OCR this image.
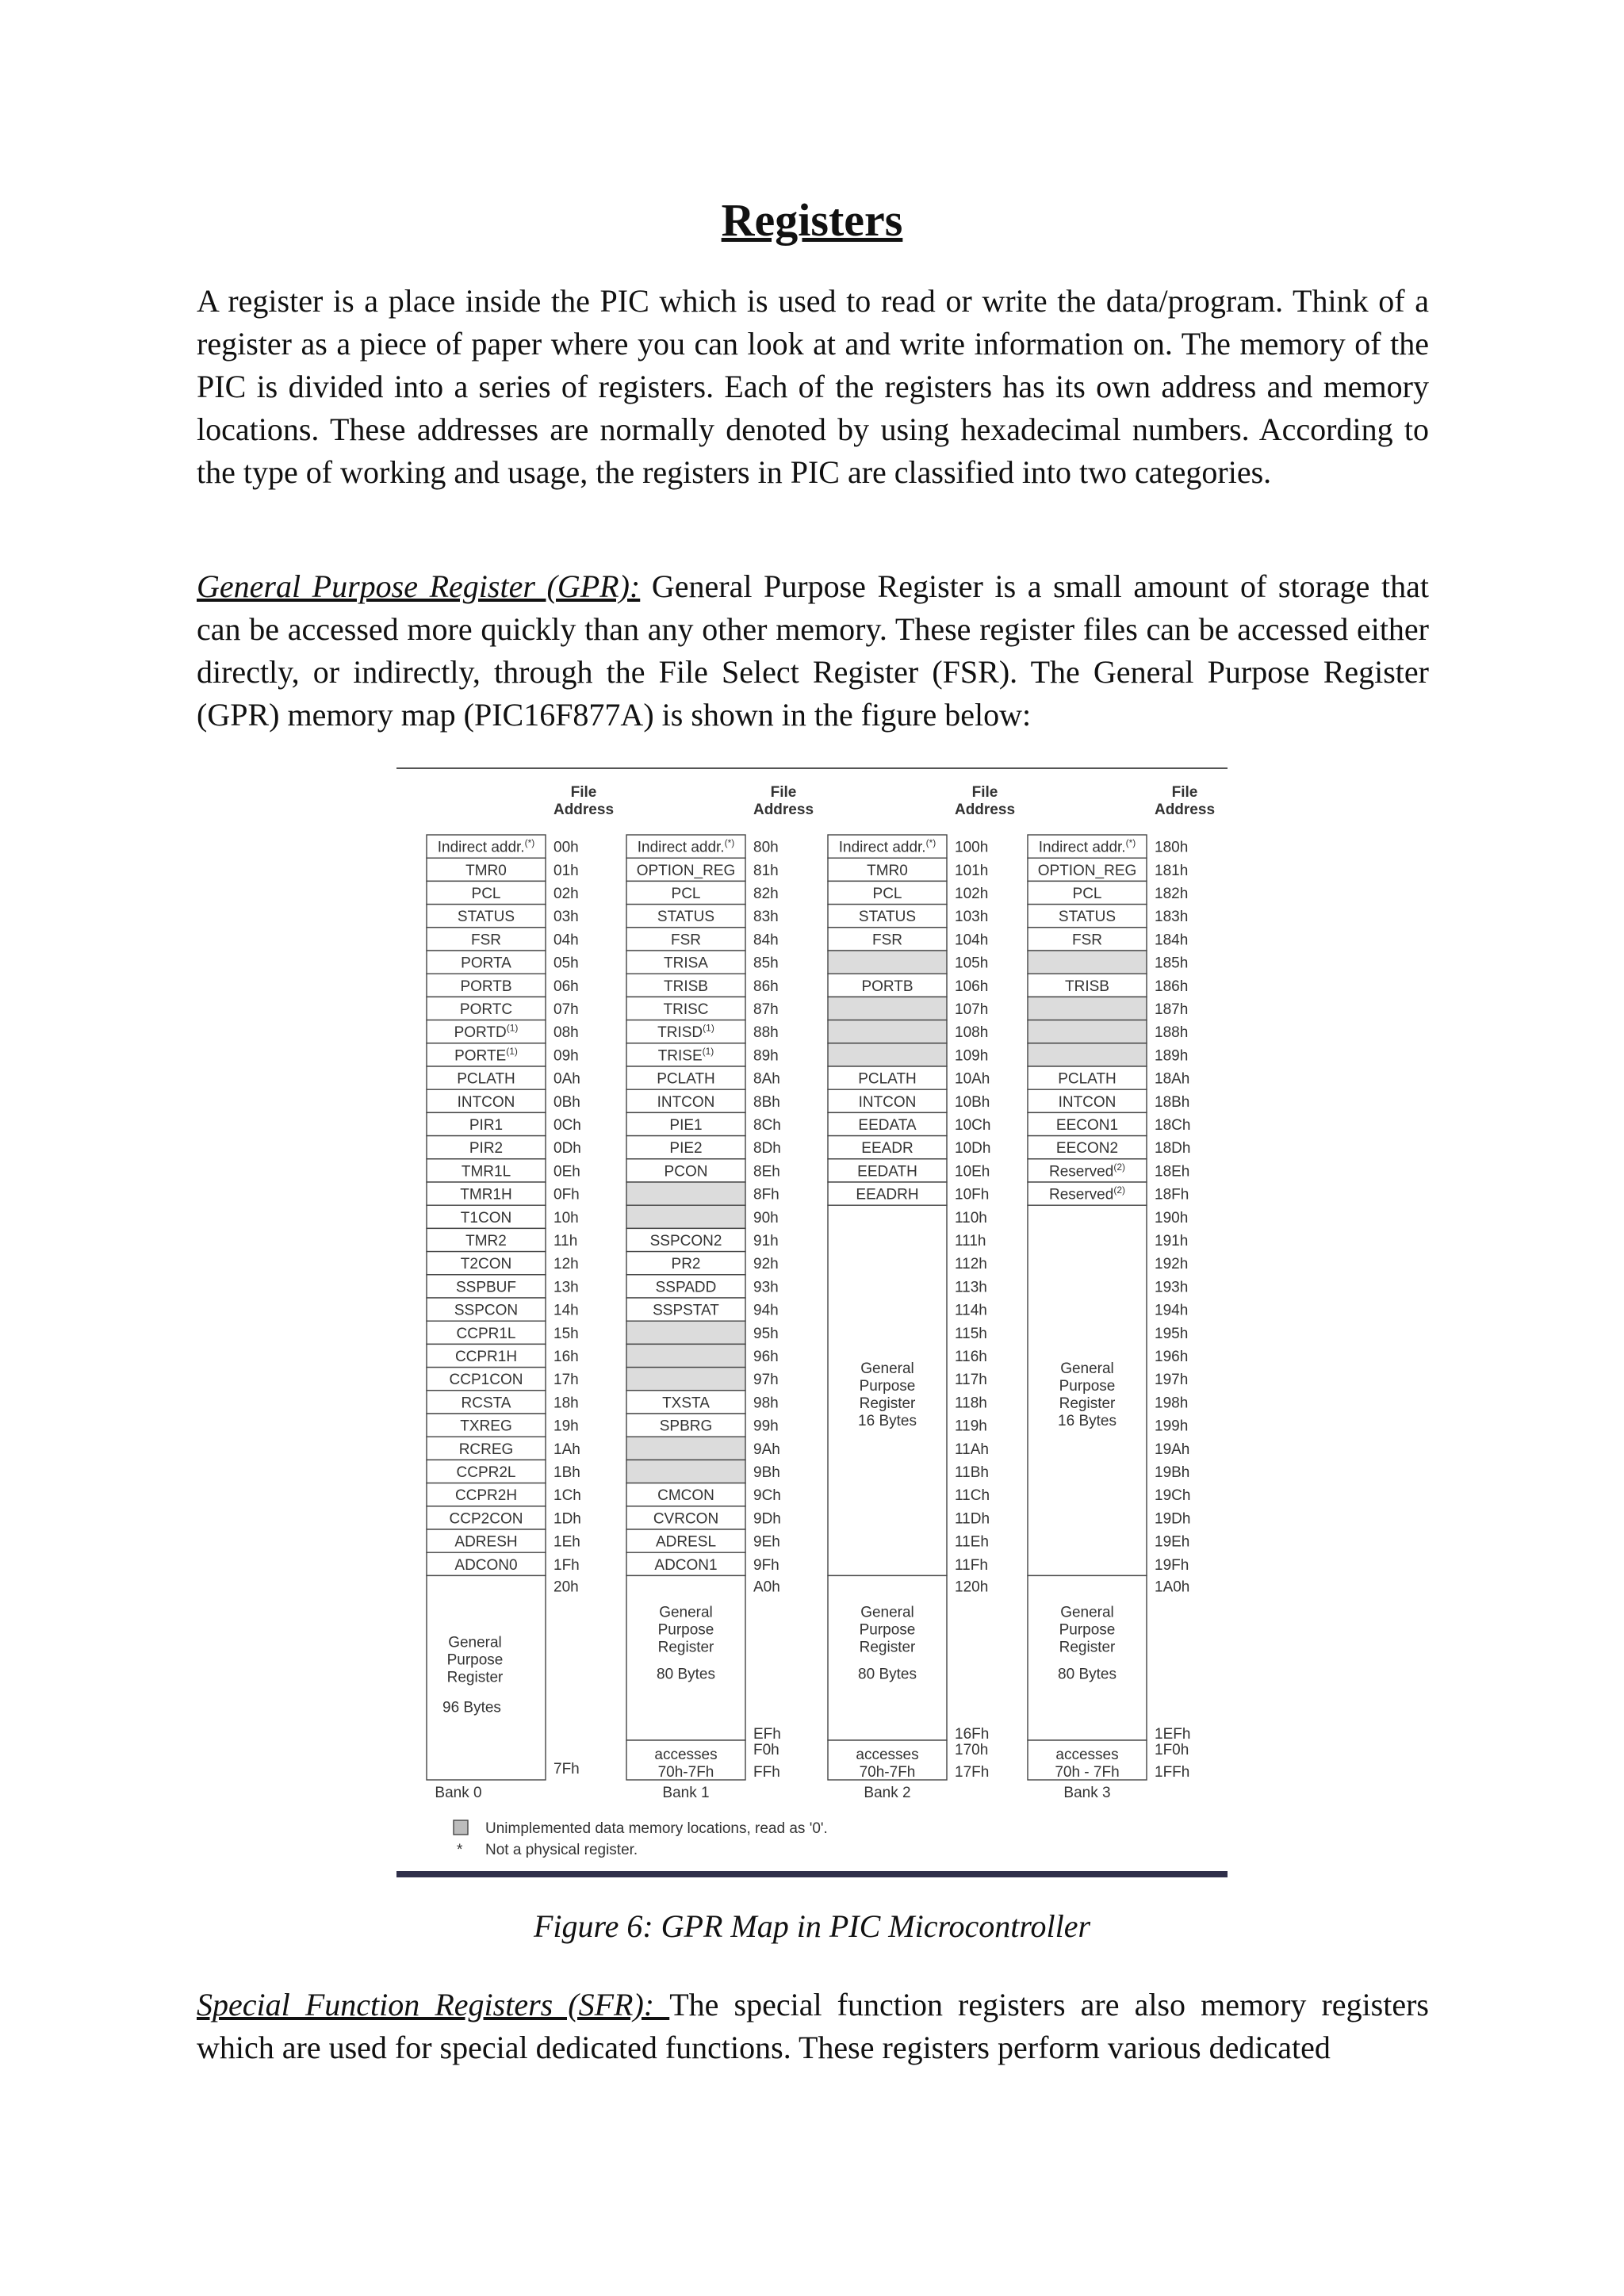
Registers

A register is a place inside the PIC which is used to read or write the data/program. Think of a register as a piece of paper where you can look at and write information on. The memory of the PIC is divided into a series of registers. Each of the registers has its own address and memory locations. These addresses are normally denoted by using hexadecimal numbers. According to the type of working and usage, the registers in PIC are classified into two categories.

General Purpose Register (GPR): General Purpose Register is a small amount of storage that can be accessed more quickly than any other memory. These register files can be accessed either directly, or indirectly, through the File Select Register (FSR). The General Purpose Register (GPR) memory map (PIC16F877A) is shown in the figure below:

File
Address
Indirect addr.(*) 00h
TMR0	01h
PCL	02h
STATUS	03h
FSR	04h
PORTA	05h
PORTB	06h
PORTC	07h
PORTD$^{(1)}$ 08h
PORTE$^{(1)}$ 09h
PCLATH	0Ah
INTCON	0Bh
PIR1	0Ch
PIR2	0Dh
TMR1L	0Eh
TMR1H	0Fh
T1CON	10h
TMR2	11h
T2CON	12h
SSPBUF 13h
SSPCON 14h
CCPR1L	15h
CCPR1H 16h
CCP1CON 17h
RCSTA	18h
TXREG	19h
RCREG	1Ah
CCPR2L	1Bh
CCPR2H 1Ch
CCP2CON 1Dh
ADRESH 1Eh
ADCON0 1Fh
20h
General
Purpose
Register
96 Bytes
7Fh
Bank 0
File
Address
Indirect addr.(*) 80h
OPTION_REG 81h
PCL	82h
STATUS	83h
FSR	84h
TRISA	85h
TRISB	86h
TRISC	87h
TRISD$^{(1)}$	88h
TRISE$^{(1)}$	89h
PCLATH	8Ah
INTCON	8Bh
PIE1	8Ch
PIE2	8Dh
PCON	8Eh
8Fh
90h
SSPCON2 91h
PR2	92h
SSPADD 93h
SSPSTAT 94h
95h
96h
97h
TXSTA	98h
SPBRG	99h
9Ah
9Bh
CMCON	9Ch
CVRCON 9Dh
ADRESL 9Eh
ADCON1 9Fh
A0h
General
Purpose
Register
80 Bytes
EFh
accesses
70h-7Fh
F0h
FFh
Bank 1
File
Address
Indirect addr.(*) 100h
TMR0	101h
PCL	102h
STATUS	103h
FSR	104h
105h
PORTB	106h
107h
108h
109h
PCLATH	10Ah
INTCON	10Bh
EEDATA	10Ch
EEADR	10Dh
EEDATH 10Eh
EEADRH 10Fh
General
Purpose
Register
16 Bytes
110h
111h
112h
113h
114h
115h
116h
117h
118h
119h
11Ah
11Bh
11Ch
11Dh
11Eh
11Fh
120h
General
Purpose
Register
80 Bytes
16Fh
accesses
70h-7Fh
170h
17Fh
Bank 2
File
Address
Indirect addr.(*) 180h
OPTION_REG 181h
PCL	182h
STATUS	183h
FSR	184h
185h
TRISB	186h
187h
188h
189h
PCLATH	18Ah
INTCON	18Bh
EECON1 18Ch
EECON2 18Dh
Reserved$^{(2)}$ 18Eh
Reserved$^{(2)}$ 18Fh
General
Purpose
Register
16 Bytes
190h
191h
192h
193h
194h
195h
196h
197h
198h
199h
19Ah
19Bh
19Ch
19Dh
19Eh
19Fh
1A0h
General
Purpose
Register
80 Bytes
1EFh
accesses
70h - 7Fh
1F0h
1FFh
Bank 3
Unimplemented data memory locations, read as '0'.
* Not a physical register.
Figure 6: GPR Map in PIC Microcontroller

Special Function Registers (SFR): The special function registers are also memory registers which are used for special dedicated functions. These registers perform various dedicated
